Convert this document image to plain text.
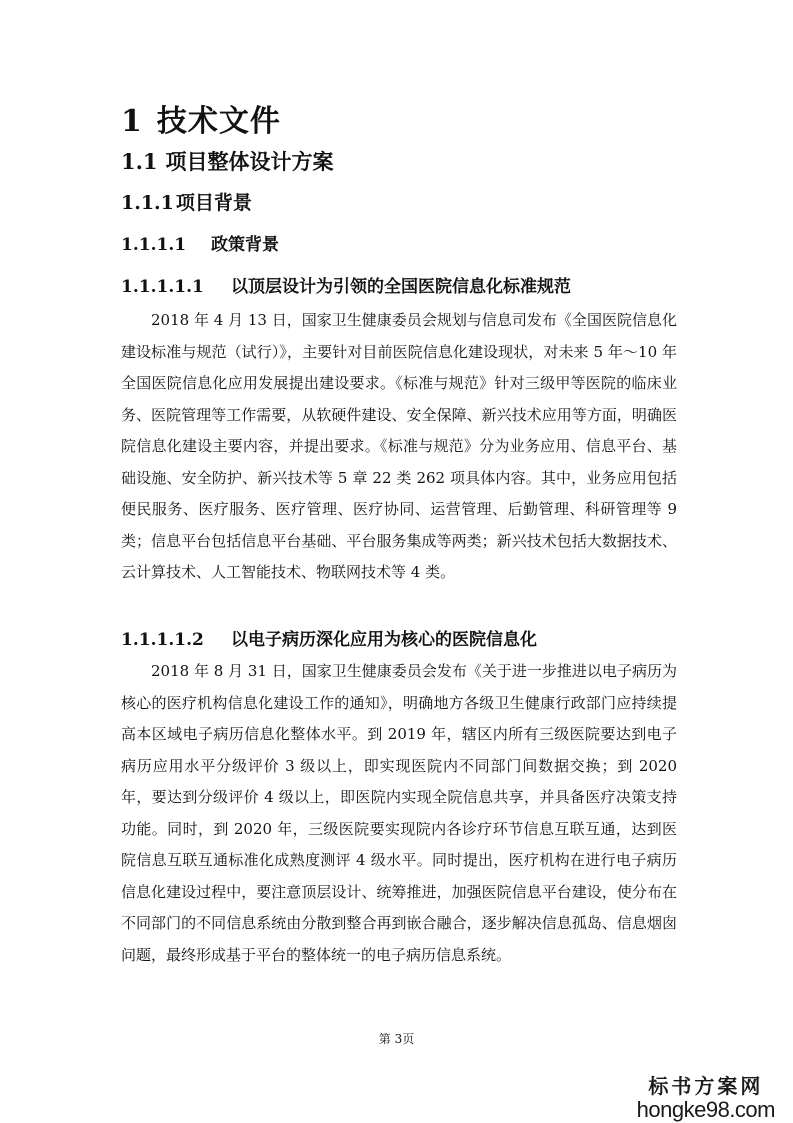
1 技术文件
1.1 项目整体设计方案
1.1.1 项目背景
1.1.1.1 政策背景
1.1.1.1.1 以顶层设计为引领的全国医院信息化标准规范
2018 年 4 月 13 日，国家卫生健康委员会规划与信息司发布《全国医院信息化建设标准与规范（试行）》，主要针对目前医院信息化建设现状，对未来 5 年～10 年全国医院信息化应用发展提出建设要求。《标准与规范》针对三级甲等医院的临床业务、医院管理等工作需要，从软硬件建设、安全保障、新兴技术应用等方面，明确医院信息化建设主要内容，并提出要求。《标准与规范》分为业务应用、信息平台、基础设施、安全防护、新兴技术等 5 章 22 类 262 项具体内容。其中，业务应用包括便民服务、医疗服务、医疗管理、医疗协同、运营管理、后勤管理、科研管理等 9 类；信息平台包括信息平台基础、平台服务集成等两类；新兴技术包括大数据技术、云计算技术、人工智能技术、物联网技术等 4 类。
1.1.1.1.2 以电子病历深化应用为核心的医院信息化
2018 年 8 月 31 日，国家卫生健康委员会发布《关于进一步推进以电子病历为核心的医疗机构信息化建设工作的通知》，明确地方各级卫生健康行政部门应持续提高本区域电子病历信息化整体水平。到 2019 年，辖区内所有三级医院要达到电子病历应用水平分级评价 3 级以上，即实现医院内不同部门间数据交换；到 2020 年，要达到分级评价 4 级以上，即医院内实现全院信息共享，并具备医疗决策支持功能。同时，到 2020 年，三级医院要实现院内各诊疗环节信息互联互通，达到医院信息互联互通标准化成熟度测评 4 级水平。同时提出，医疗机构在进行电子病历信息化建设过程中，要注意顶层设计、统筹推进，加强医院信息平台建设，使分布在不同部门的不同信息系统由分散到整合再到嵌合融合，逐步解决信息孤岛、信息烟囱问题，最终形成基于平台的整体统一的电子病历信息系统。
第 3页
标书方案网
hongke98.com
